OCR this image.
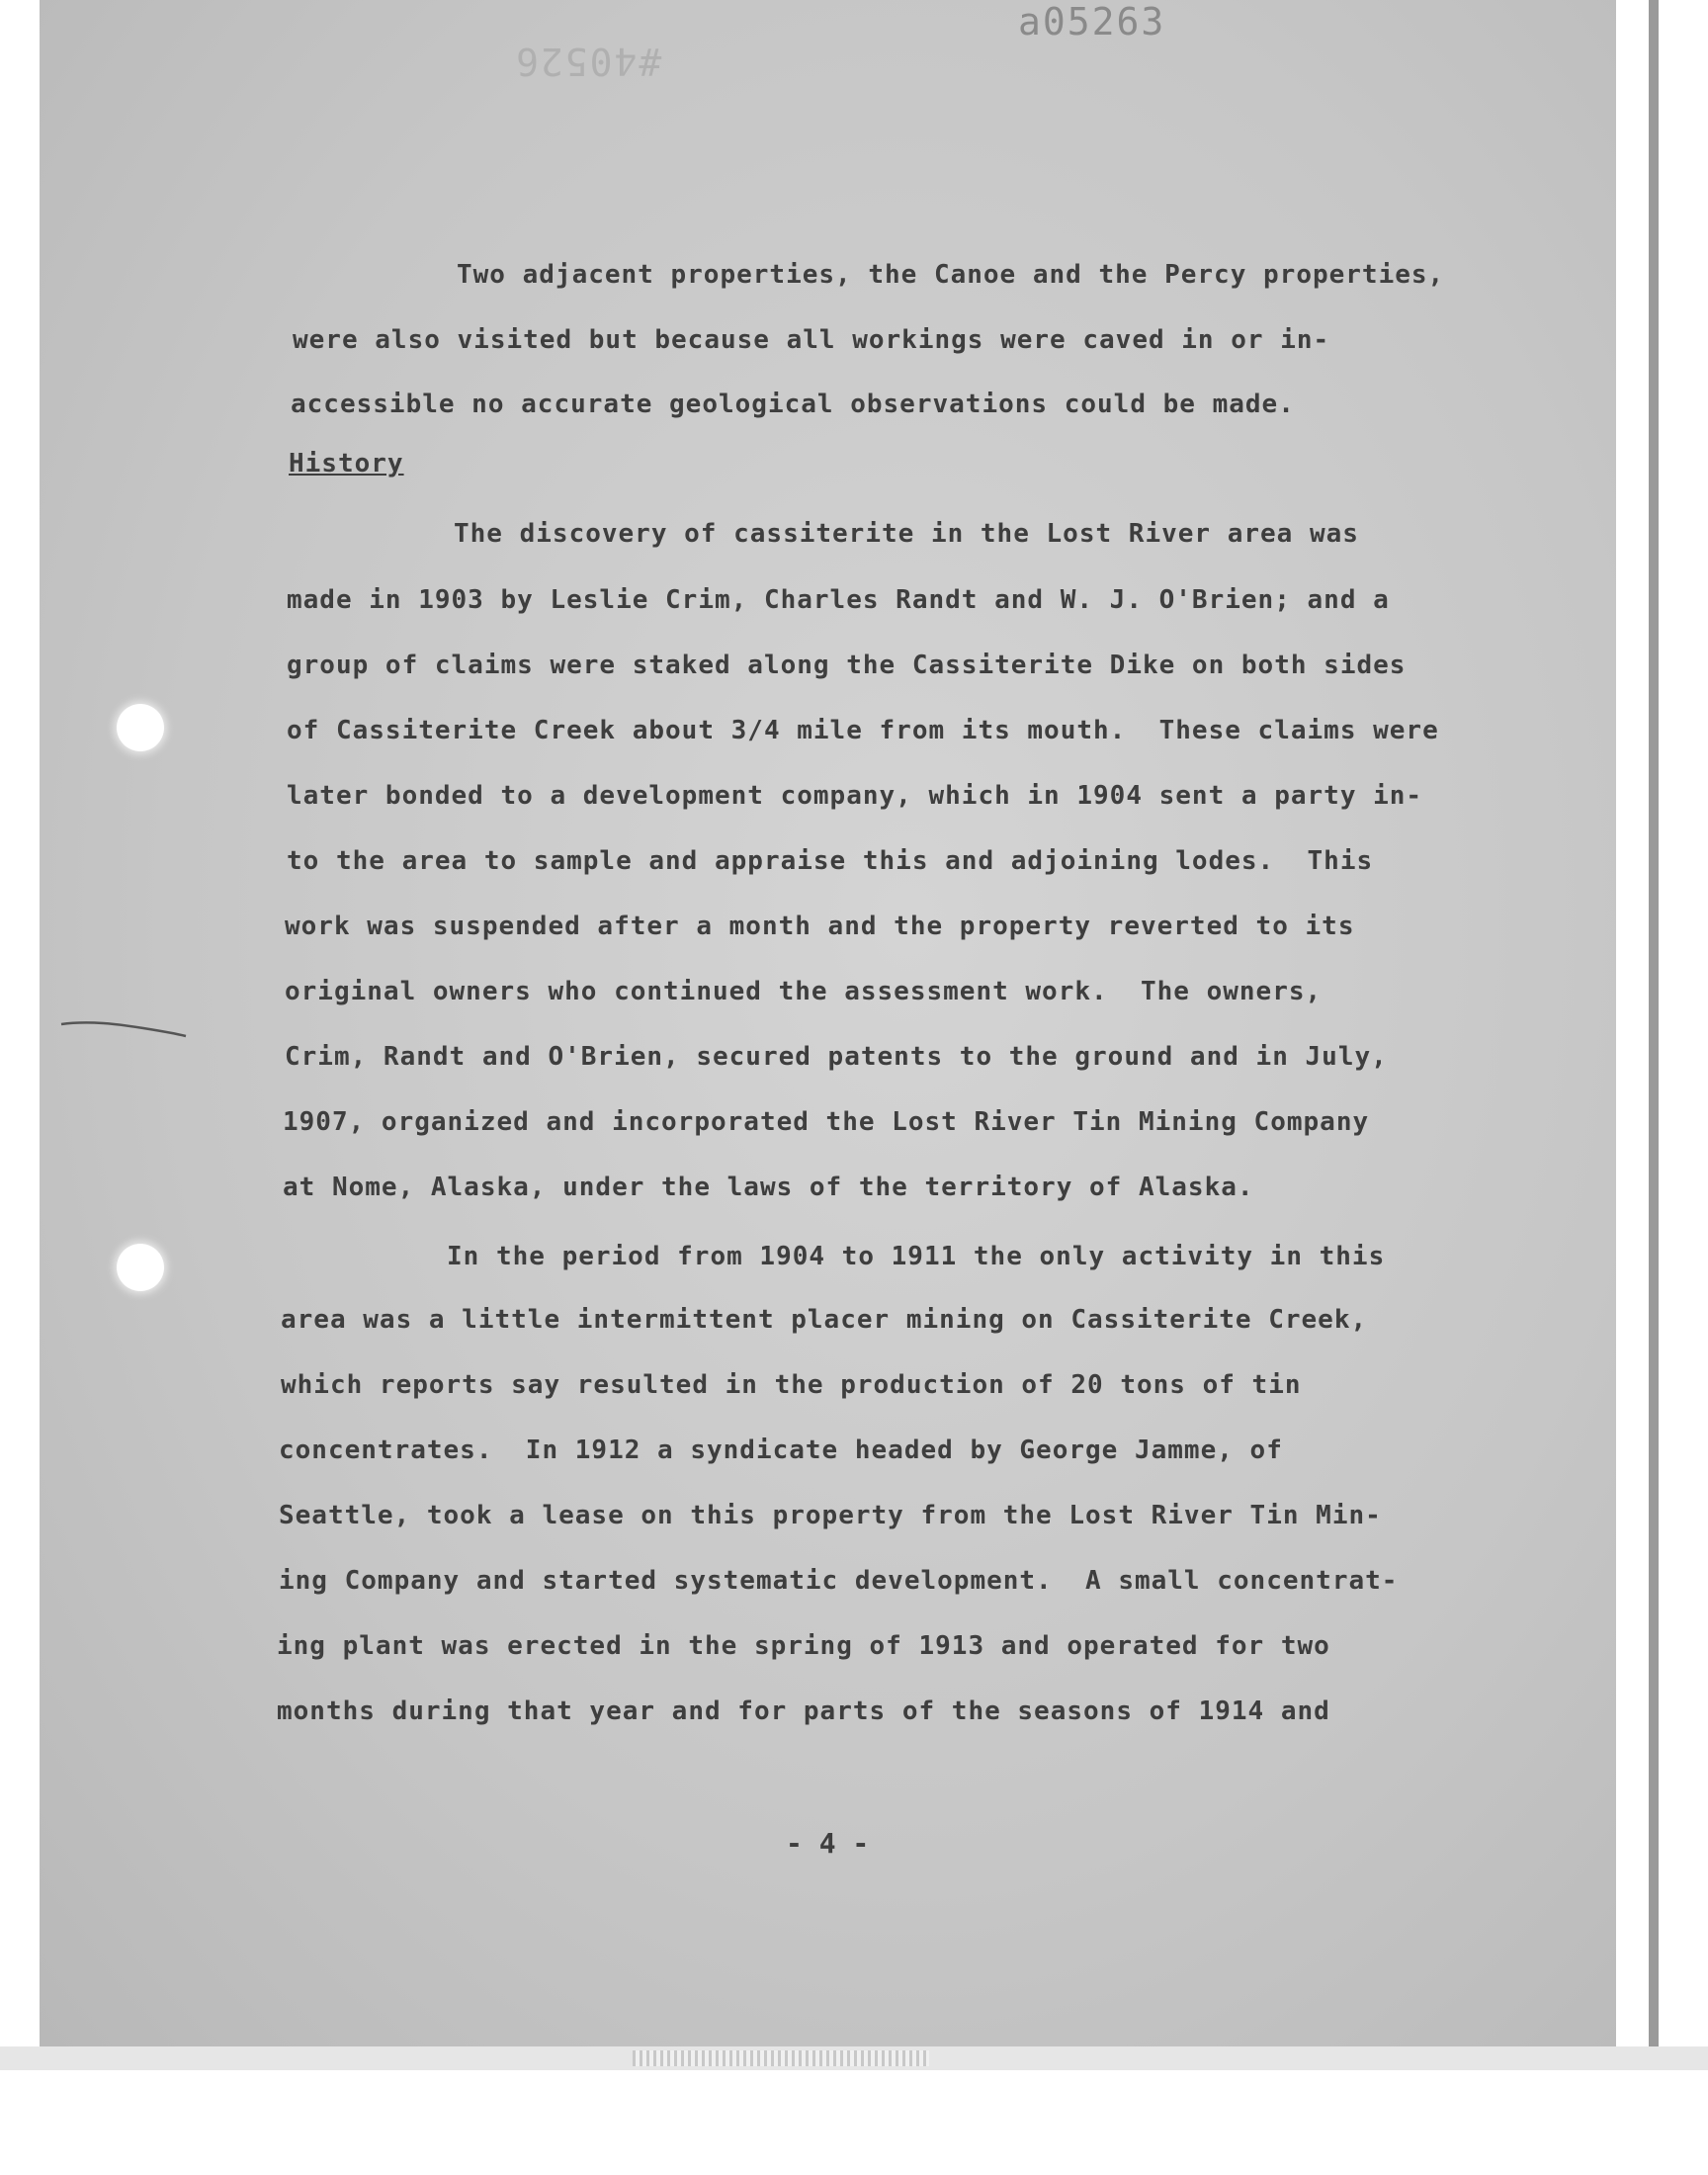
a05263
#40526
Two adjacent properties, the Canoe and the Percy properties,
were also visited but because all workings were caved in or in-
accessible no accurate geological observations could be made.
History
The discovery of cassiterite in the Lost River area was
made in 1903 by Leslie Crim, Charles Randt and W. J. O'Brien; and a
group of claims were staked along the Cassiterite Dike on both sides
of Cassiterite Creek about 3/4 mile from its mouth.  These claims were
later bonded to a development company, which in 1904 sent a party in-
to the area to sample and appraise this and adjoining lodes.  This
work was suspended after a month and the property reverted to its
original owners who continued the assessment work.  The owners,
Crim, Randt and O'Brien, secured patents to the ground and in July,
1907, organized and incorporated the Lost River Tin Mining Company
at Nome, Alaska, under the laws of the territory of Alaska.
In the period from 1904 to 1911 the only activity in this
area was a little intermittent placer mining on Cassiterite Creek,
which reports say resulted in the production of 20 tons of tin
concentrates.  In 1912 a syndicate headed by George Jamme, of
Seattle, took a lease on this property from the Lost River Tin Min-
ing Company and started systematic development.  A small concentrat-
ing plant was erected in the spring of 1913 and operated for two
months during that year and for parts of the seasons of 1914 and
- 4 -
